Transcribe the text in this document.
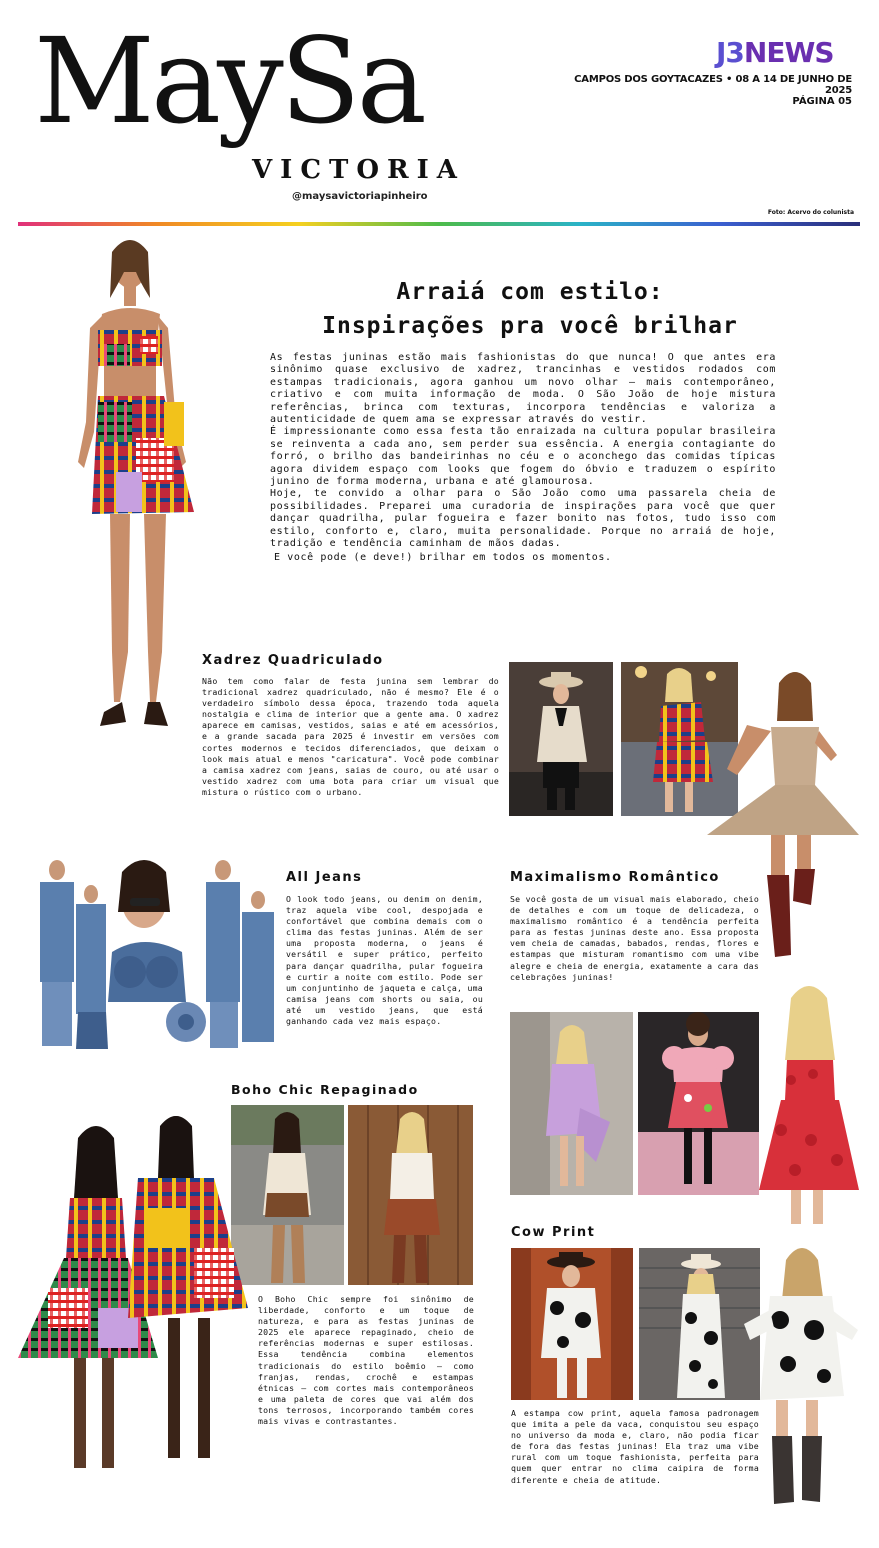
MaySa
VICTORIA
@maysavictoriapinheiro
J3NEWS
CAMPOS DOS GOYTACAZES • 08 A 14 DE JUNHO DE 2025
PÁGINA 05
Foto: Acervo do colunista
Arraiá com estilo:
Inspirações pra você brilhar

As festas juninas estão mais fashionistas do que nunca! O que antes era sinônimo quase exclusivo de xadrez, trancinhas e vestidos rodados com estampas tradicionais, agora ganhou um novo olhar — mais contemporâneo, criativo e com muita informação de moda. O São João de hoje mistura referências, brinca com texturas, incorpora tendências e valoriza a autenticidade de quem ama se expressar através do vestir.

É impressionante como essa festa tão enraizada na cultura popular brasileira se reinventa a cada ano, sem perder sua essência. A energia contagiante do forró, o brilho das bandeirinhas no céu e o aconchego das comidas típicas agora dividem espaço com looks que fogem do óbvio e traduzem o espírito junino de forma moderna, urbana e até glamourosa.

Hoje, te convido a olhar para o São João como uma passarela cheia de possibilidades. Preparei uma curadoria de inspirações para você que quer dançar quadrilha, pular fogueira e fazer bonito nas fotos, tudo isso com estilo, conforto e, claro, muita personalidade. Porque no arraiá de hoje, tradição e tendência caminham de mãos dadas.

E você pode (e deve!) brilhar em todos os momentos.

Xadrez Quadriculado
Não tem como falar de festa junina sem lembrar do tradicional xadrez quadriculado, não é mesmo? Ele é o verdadeiro símbolo dessa época, trazendo toda aquela nostalgia e clima de interior que a gente ama. O xadrez aparece em camisas, vestidos, saias e até em acessórios, e a grande sacada para 2025 é investir em versões com cortes modernos e tecidos diferenciados, que deixam o look mais atual e menos "caricatura". Você pode combinar a camisa xadrez com jeans, saias de couro, ou até usar o vestido xadrez com uma bota para criar um visual que mistura o rústico com o urbano.
All Jeans
O look todo jeans, ou denim on denim, traz aquela vibe cool, despojada e confortável que combina demais com o clima das festas juninas. Além de ser uma proposta moderna, o jeans é versátil e super prático, perfeito para dançar quadrilha, pular fogueira e curtir a noite com estilo. Pode ser um conjuntinho de jaqueta e calça, uma camisa jeans com shorts ou saia, ou até um vestido jeans, que está ganhando cada vez mais espaço.
Maximalismo Romântico
Se você gosta de um visual mais elaborado, cheio de detalhes e com um toque de delicadeza, o maximalismo romântico é a tendência perfeita para as festas juninas deste ano. Essa proposta vem cheia de camadas, babados, rendas, flores e estampas que misturam romantismo com uma vibe alegre e cheia de energia, exatamente a cara das celebrações juninas!
Boho Chic Repaginado
O Boho Chic sempre foi sinônimo de liberdade, conforto e um toque de natureza, e para as festas juninas de 2025 ele aparece repaginado, cheio de referências modernas e super estilosas. Essa tendência combina elementos tradicionais do estilo boêmio — como franjas, rendas, crochê e estampas étnicas — com cortes mais contemporâneos e uma paleta de cores que vai além dos tons terrosos, incorporando também cores mais vivas e contrastantes.
Cow Print
A estampa cow print, aquela famosa padronagem que imita a pele da vaca, conquistou seu espaço no universo da moda e, claro, não podia ficar de fora das festas juninas! Ela traz uma vibe rural com um toque fashionista, perfeita para quem quer entrar no clima caipira de forma diferente e cheia de atitude.
